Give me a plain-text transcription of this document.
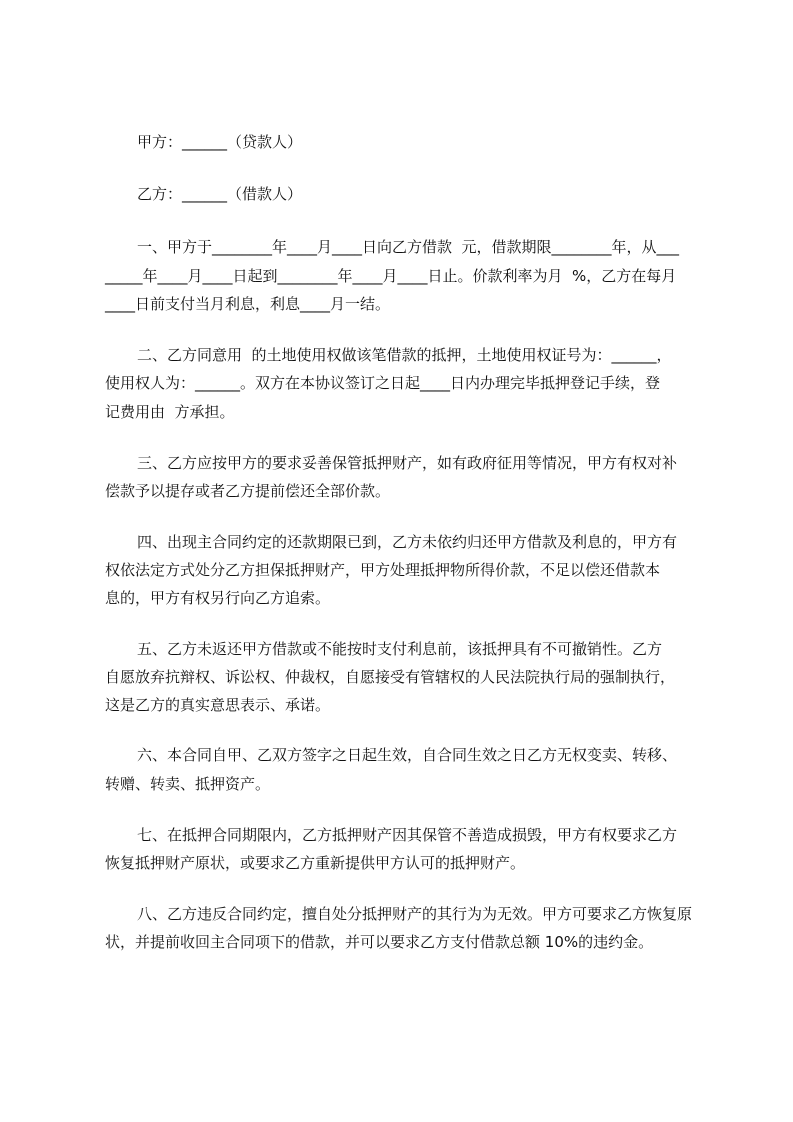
甲方：______（贷款人）
乙方：______（借款人）
一、甲方于________年____月____日向乙方借款  元，借款期限________年，从___
_____年____月____日起到________年____月____日止。价款利率为月  %，乙方在每月
____日前支付当月利息，利息____月一结。
二、乙方同意用  的土地使用权做该笔借款的抵押，土地使用权证号为：______，
使用权人为：______。双方在本协议签订之日起____日内办理完毕抵押登记手续，登
记费用由  方承担。
三、乙方应按甲方的要求妥善保管抵押财产，如有政府征用等情况，甲方有权对补
偿款予以提存或者乙方提前偿还全部价款。
四、出现主合同约定的还款期限已到，乙方未依约归还甲方借款及利息的，甲方有
权依法定方式处分乙方担保抵押财产，甲方处理抵押物所得价款，不足以偿还借款本
息的，甲方有权另行向乙方追索。
五、乙方未返还甲方借款或不能按时支付利息前，该抵押具有不可撤销性。乙方
自愿放弃抗辩权、诉讼权、仲裁权，自愿接受有管辖权的人民法院执行局的强制执行，
这是乙方的真实意思表示、承诺。
六、本合同自甲、乙双方签字之日起生效，自合同生效之日乙方无权变卖、转移、
转赠、转卖、抵押资产。
七、在抵押合同期限内，乙方抵押财产因其保管不善造成损毁，甲方有权要求乙方
恢复抵押财产原状，或要求乙方重新提供甲方认可的抵押财产。
八、乙方违反合同约定，擅自处分抵押财产的其行为为无效。甲方可要求乙方恢复原
状，并提前收回主合同项下的借款，并可以要求乙方支付借款总额 10%的违约金。
